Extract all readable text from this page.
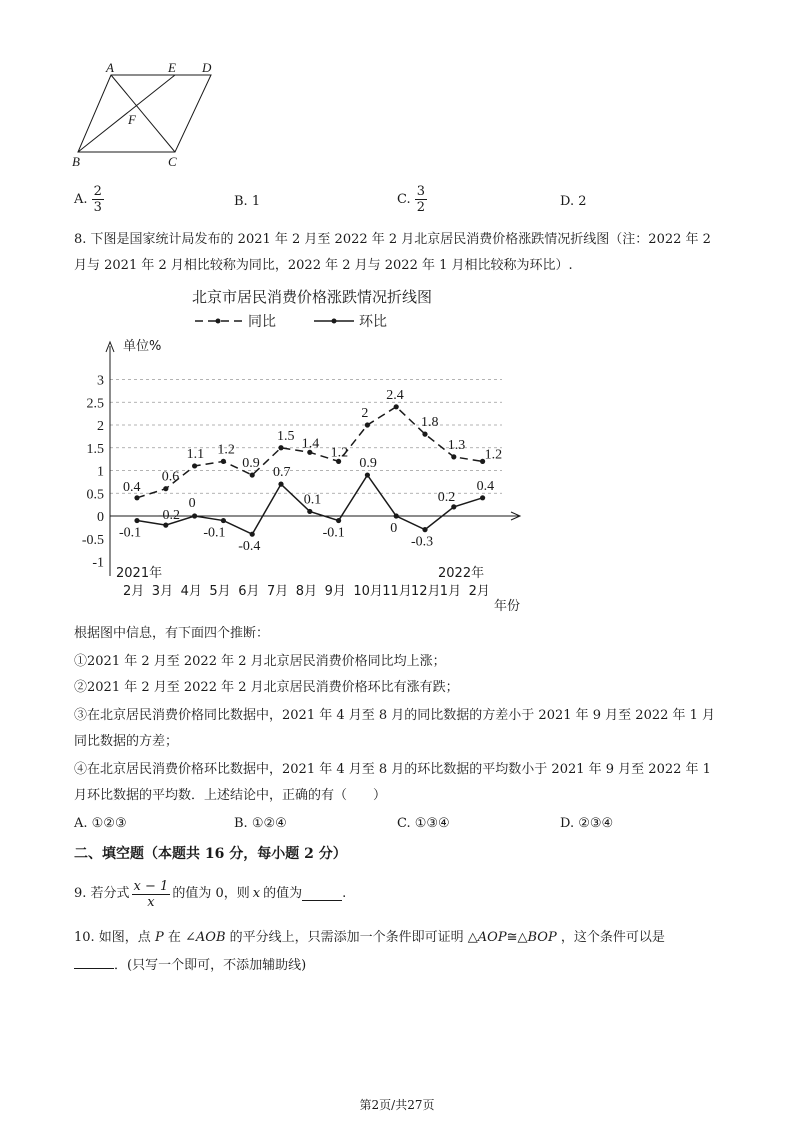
A	E D
F
B	C
A. $\frac{2}{3}$	B. 1	C. $\frac{3}{2}$	D. 2
8. 下图是国家统计局发布的 2021 年 2 月至 2022 年 2 月北京居民消费价格涨跌情况折线图（注：2022 年 2
月与 2021 年 2 月相比较称为同比，2022 年 2 月与 2022 年 1 月相比较称为环比）.
北京市居民消费价格涨跌情况折线图
同比	环比
3
2.5
2
1.5
1
0.5
0
-0.5
-1
2月 3月 4月 5月 6月 7月 8月 9月 10月 11月 12月 1月 2月
2021年	2022年
0.4
0.6
1.1 1.2
0.9
1.5
1.4
1.2
2
2.4
1.8
1.3
1.2
-0.1
-0.2
0
-0.1
-0.4
0.7
0.1
-0.1
0.9
0
-0.3
0.2
0.4
单位%
年份
根据图中信息，有下面四个推断：
①2021 年 2 月至 2022 年 2 月北京居民消费价格同比均上涨；
②2021 年 2 月至 2022 年 2 月北京居民消费价格环比有涨有跌；
③在北京居民消费价格同比数据中，2021 年 4 月至 8 月的同比数据的方差小于 2021 年 9 月至 2022 年 1 月
同比数据的方差；
④在北京居民消费价格环比数据中，2021 年 4 月至 8 月的环比数据的平均数小于 2021 年 9 月至 2022 年 1
月环比数据的平均数．上述结论中，正确的有（　　）
A. ①②③	B. ①②④	C. ①③④	D. ②③④
二、填空题（本题共 16 分，每小题 2 分）
9. 若分式 $\frac{x - 1}{x}$ 的值为 0，则 x 的值为	.
10. 如图，点 P 在 ∠AOB 的平分线上，只需添加一个条件即可证明 △AOP≅△BOP ，这个条件可以是
．(只写一个即可，不添加辅助线)
第2页/共27页
